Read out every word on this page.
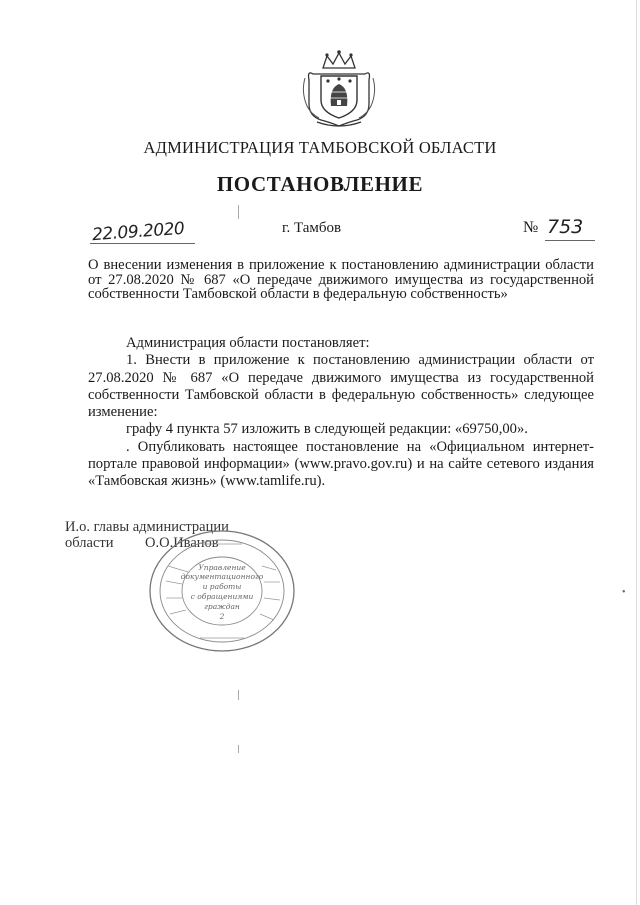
АДМИНИСТРАЦИЯ ТАМБОВСКОЙ ОБЛАСТИ
ПОСТАНОВЛЕНИЕ
22.09.2020	г. Тамбов	№ 753
О внесении изменения в приложение к постановлению администрации области от 27.08.2020 № 687 «О передаче движимого имущества из государственной собственности Тамбовской области в федеральную собственность»

Администрация области постановляет:

1. Внести в приложение к постановлению администрации области от 27.08.2020 № 687 «О передаче движимого имущества из государственной собственности Тамбовской области в федеральную собственность» следующее изменение:

графу 4 пункта 57 изложить в следующей редакции: «69750,00».

. Опубликовать настоящее постановление на «Официальном интернет-портале правовой информации» (www.pravo.gov.ru) и на сайте сетевого издания «Тамбовская жизнь» (www.tamlife.ru).

И.о. главы администрации
области	О.О.Иванов
Управление
документационного
и работы
с обращениями
граждан
2
•
